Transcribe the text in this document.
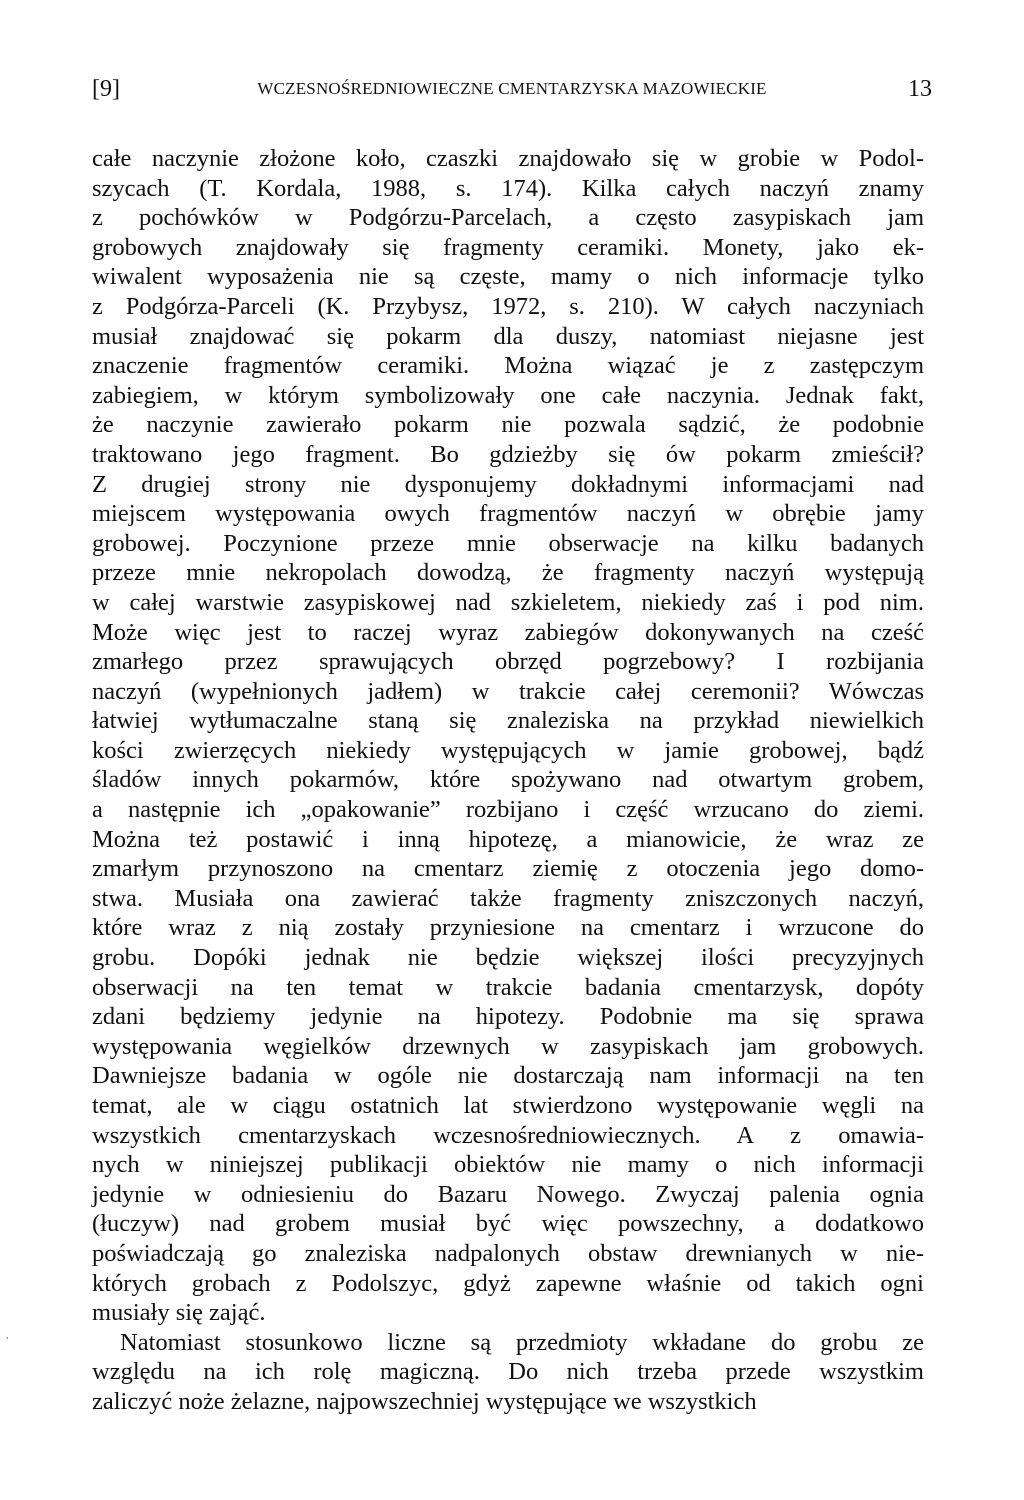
[9]	WCZESNOŚREDNIOWIECZNE CMENTARZYSKA MAZOWIECKIE	13
całe naczynie złożone koło, czaszki znajdowało się w grobie w Podol-
szycach (T. Kordala, 1988, s. 174). Kilka całych naczyń znamy
z pochówków w Podgórzu-Parcelach, a często zasypiskach jam
grobowych znajdowały się fragmenty ceramiki. Monety, jako ek-
wiwalent wyposażenia nie są częste, mamy o nich informacje tylko
z Podgórza-Parceli (K. Przybysz, 1972, s. 210). W całych naczyniach
musiał znajdować się pokarm dla duszy, natomiast niejasne jest
znaczenie fragmentów ceramiki. Można wiązać je z zastępczym
zabiegiem, w którym symbolizowały one całe naczynia. Jednak fakt,
że naczynie zawierało pokarm nie pozwala sądzić, że podobnie
traktowano jego fragment. Bo gdzieżby się ów pokarm zmieścił?
Z drugiej strony nie dysponujemy dokładnymi informacjami nad
miejscem występowania owych fragmentów naczyń w obrębie jamy
grobowej. Poczynione przeze mnie obserwacje na kilku badanych
przeze mnie nekropolach dowodzą, że fragmenty naczyń występują
w całej warstwie zasypiskowej nad szkieletem, niekiedy zaś i pod nim.
Może więc jest to raczej wyraz zabiegów dokonywanych na cześć
zmarłego przez sprawujących obrzęd pogrzebowy? I rozbijania
naczyń (wypełnionych jadłem) w trakcie całej ceremonii? Wówczas
łatwiej wytłumaczalne staną się znaleziska na przykład niewielkich
kości zwierzęcych niekiedy występujących w jamie grobowej, bądź
śladów innych pokarmów, które spożywano nad otwartym grobem,
a następnie ich „opakowanie” rozbijano i część wrzucano do ziemi.
Można też postawić i inną hipotezę, a mianowicie, że wraz ze
zmarłym przynoszono na cmentarz ziemię z otoczenia jego domo-
stwa. Musiała ona zawierać także fragmenty zniszczonych naczyń,
które wraz z nią zostały przyniesione na cmentarz i wrzucone do
grobu. Dopóki jednak nie będzie większej ilości precyzyjnych
obserwacji na ten temat w trakcie badania cmentarzysk, dopóty
zdani będziemy jedynie na hipotezy. Podobnie ma się sprawa
występowania węgielków drzewnych w zasypiskach jam grobowych.
Dawniejsze badania w ogóle nie dostarczają nam informacji na ten
temat, ale w ciągu ostatnich lat stwierdzono występowanie węgli na
wszystkich cmentarzyskach wczesnośredniowiecznych. A z omawia-
nych w niniejszej publikacji obiektów nie mamy o nich informacji
jedynie w odniesieniu do Bazaru Nowego. Zwyczaj palenia ognia
(łuczyw) nad grobem musiał być więc powszechny, a dodatkowo
poświadczają go znaleziska nadpalonych obstaw drewnianych w nie-
których grobach z Podolszyc, gdyż zapewne właśnie od takich ogni
musiały się zająć.
Natomiast stosunkowo liczne są przedmioty wkładane do grobu ze
względu na ich rolę magiczną. Do nich trzeba przede wszystkim
zaliczyć noże żelazne, najpowszechniej występujące we wszystkich
,
